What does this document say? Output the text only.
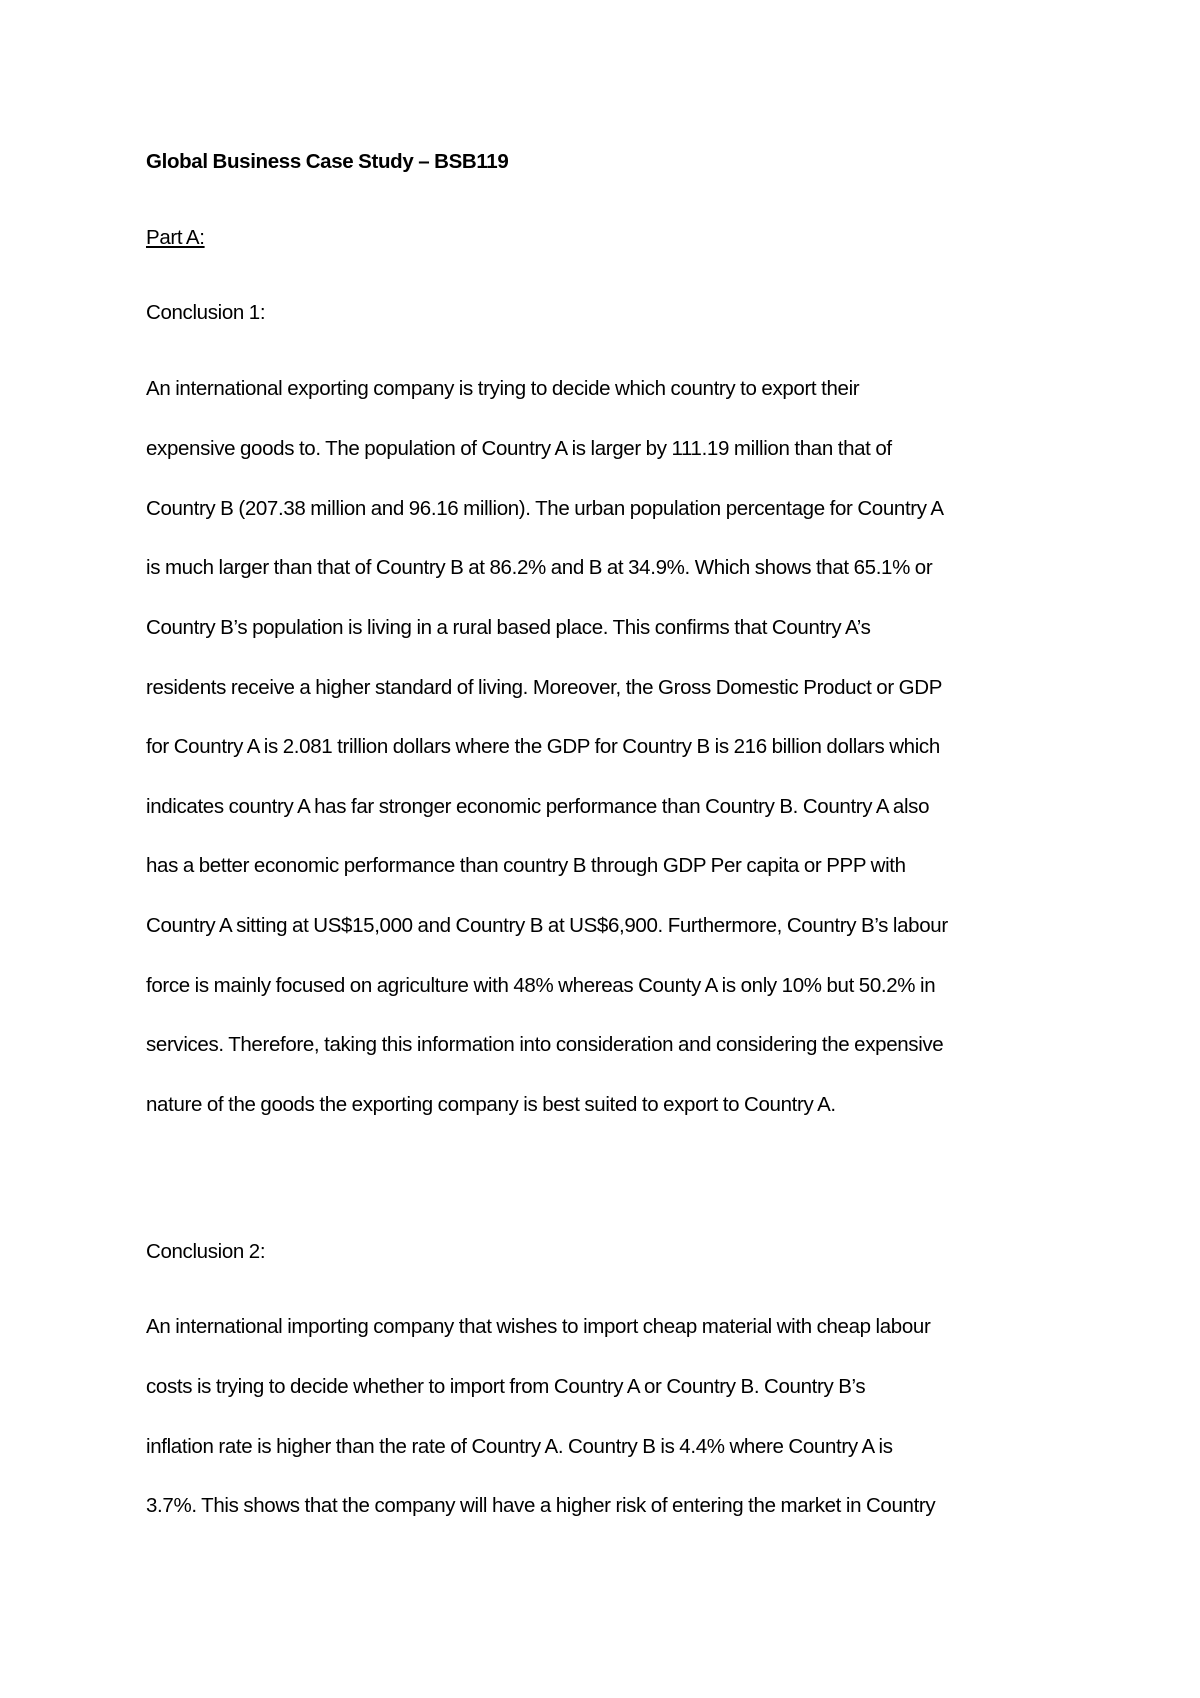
Global Business Case Study – BSB119
Part A:
Conclusion 1:
An international exporting company is trying to decide which country to export their
expensive goods to. The population of Country A is larger by 111.19 million than that of
Country B (207.38 million and 96.16 million). The urban population percentage for Country A
is much larger than that of Country B at 86.2% and B at 34.9%. Which shows that 65.1% or
Country B’s population is living in a rural based place. This confirms that Country A’s
residents receive a higher standard of living. Moreover, the Gross Domestic Product or GDP
for Country A is 2.081 trillion dollars where the GDP for Country B is 216 billion dollars which
indicates country A has far stronger economic performance than Country B. Country A also
has a better economic performance than country B through GDP Per capita or PPP with
Country A sitting at US$15,000 and Country B at US$6,900. Furthermore, Country B’s labour
force is mainly focused on agriculture with 48% whereas County A is only 10% but 50.2% in
services. Therefore, taking this information into consideration and considering the expensive
nature of the goods the exporting company is best suited to export to Country A.
Conclusion 2:
An international importing company that wishes to import cheap material with cheap labour
costs is trying to decide whether to import from Country A or Country B. Country B’s
inflation rate is higher than the rate of Country A. Country B is 4.4% where Country A is
3.7%. This shows that the company will have a higher risk of entering the market in Country
